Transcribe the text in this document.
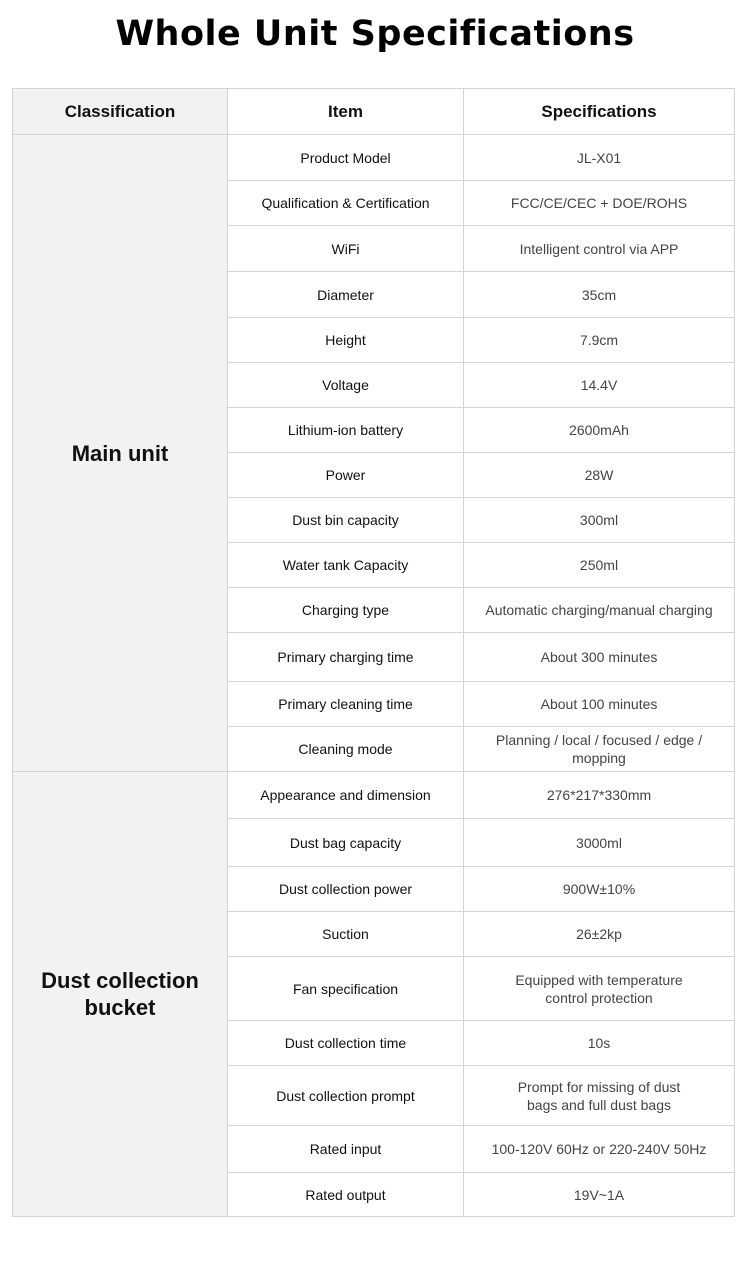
Whole Unit Specifications
Classification	Item	Specifications
Main unit	Product Model	JL-X01
	Qualification & Certification	FCC/CE/CEC + DOE/ROHS
	WiFi	Intelligent control via APP
	Diameter	35cm
	Height	7.9cm
	Voltage	14.4V
	Lithium-ion battery	2600mAh
	Power	28W
	Dust bin capacity	300ml
	Water tank Capacity	250ml
	Charging type	Automatic charging/manual charging
	Primary charging time	About 300 minutes
	Primary cleaning time	About 100 minutes
	Cleaning mode	Planning / local / focused / edge / mopping

Dust collection
bucket	Appearance and dimension	276*217*330mm
	Dust bag capacity	3000ml
	Dust collection power	900W±10%
	Suction	26±2kp
	Fan specification	Equipped with temperature
control protection

	Dust collection time	10s
	Dust collection prompt	Prompt for missing of dust
bags and full dust bags

	Rated input	100-120V 60Hz or 220-240V 50Hz
	Rated output	19V~1A
